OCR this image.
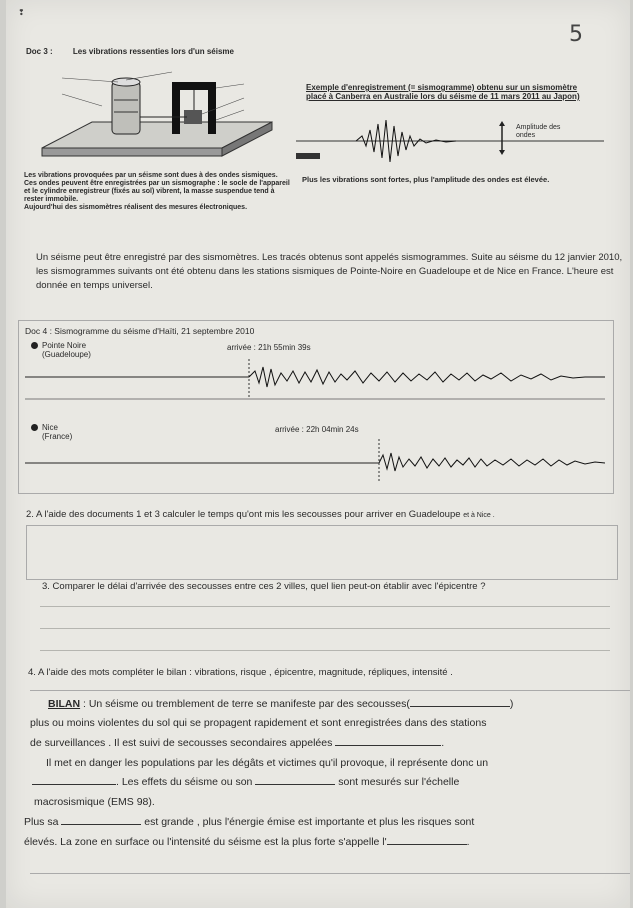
❢
5
Doc 3 :	Les vibrations ressenties lors d'un séisme
Les vibrations provoquées par un séisme sont dues à des ondes sismiques.
Ces ondes peuvent être enregistrées par un sismographe : le socle de l'appareil et le cylindre enregistreur (fixés au sol) vibrent, la masse suspendue tend à rester immobile.
Aujourd'hui des sismomètres réalisent des mesures électroniques.
Exemple d'enregistrement (= sismogramme) obtenu sur un sismomètre placé à Canberra en Australie lors du séisme de 11 mars 2011 au Japon)
Amplitude des ondes
Plus les vibrations sont fortes, plus l'amplitude des ondes est élevée.
Un séisme peut être enregistré par des sismomètres. Les tracés obtenus sont appelés sismogrammes. Suite au séisme du 12 janvier 2010, les sismogrammes suivants ont été obtenu dans les stations sismiques de Pointe-Noire en Guadeloupe et de Nice en France. L'heure est donnée en temps universel.
Doc 4 : Sismogramme du séisme d'Haïti, 21 septembre 2010
Pointe Noire
(Guadeloupe)
arrivée : 21h 55min 39s
Nice
(France)
arrivée : 22h 04min 24s
2. A l'aide des documents 1 et 3 calculer le temps qu'ont mis les secousses pour arriver en Guadeloupe et à Nice .
3. Comparer le délai d'arrivée des secousses entre ces 2 villes, quel lien peut-on établir avec l'épicentre ?
4. A l'aide des mots compléter le bilan : vibrations, risque , épicentre, magnitude, répliques, intensité .

BILAN : Un séisme ou tremblement de terre se manifeste par des secousses(	)

plus ou moins violentes du sol qui se propagent rapidement et sont enregistrées dans des stations

de surveillances . Il est suivi de secousses secondaires appelées	.

Il met en danger les populations par les dégâts et victimes qu'il provoque, il représente donc un

. Les effets du séisme ou son	sont mesurés sur l'échelle

macrosismique (EMS 98).

Plus sa	est grande , plus l'énergie émise est importante et plus les risques sont

élevés. La zone en surface ou l'intensité du séisme est la plus forte s'appelle l'	.
